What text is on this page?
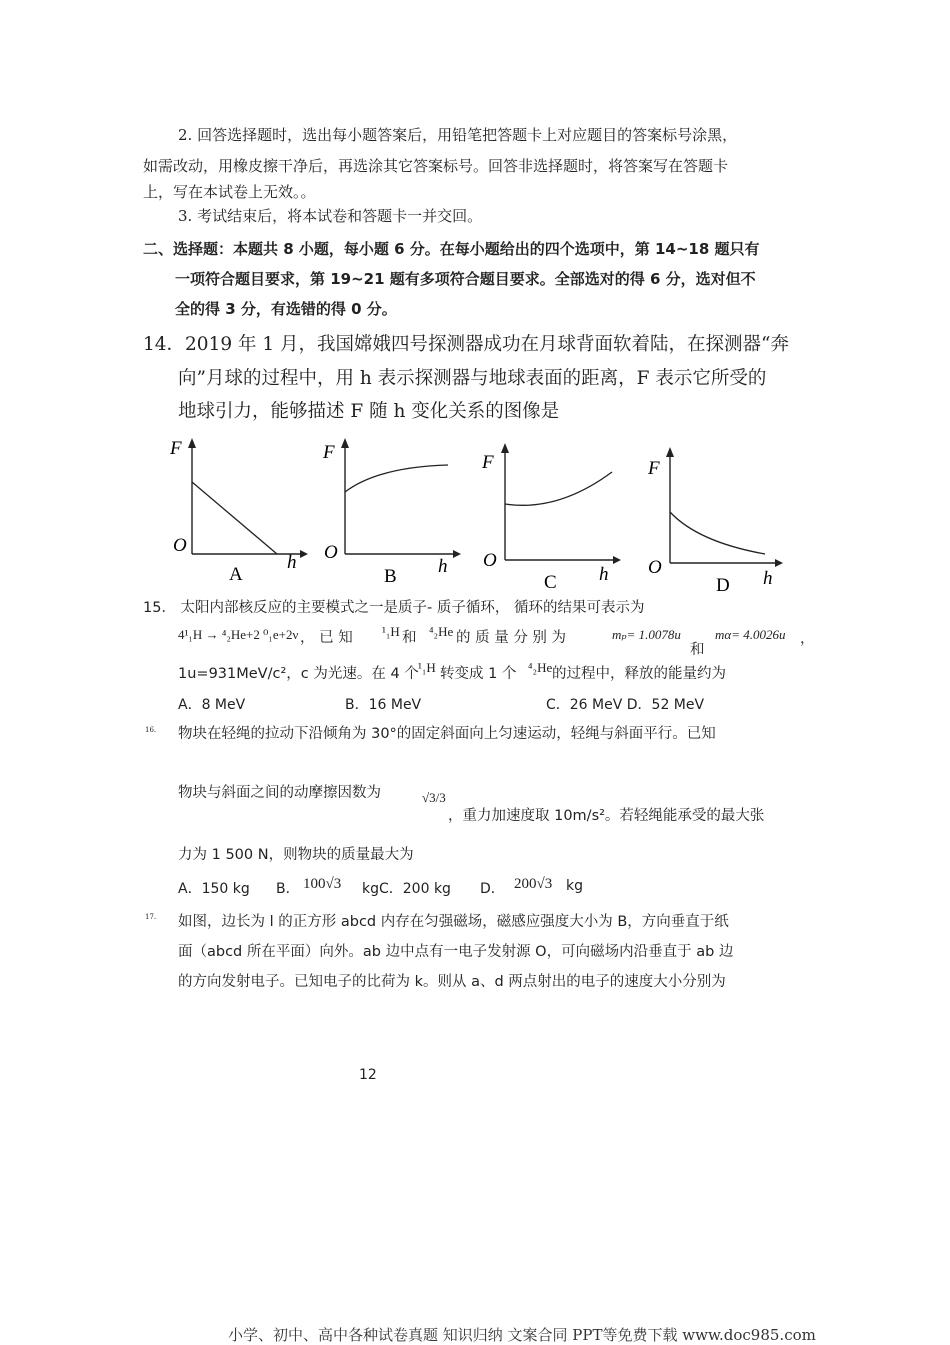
2. 回答选择题时，选出每小题答案后，用铅笔把答题卡上对应题目的答案标号涂黑，
如需改动，用橡皮擦干净后，再选涂其它答案标号。回答非选择题时，将答案写在答题卡
上，写在本试卷上无效。。
3. 考试结束后，将本试卷和答题卡一并交回。
二、选择题：本题共 8 小题，每小题 6 分。在每小题给出的四个选项中，第 14~18 题只有
一项符合题目要求，第 19~21 题有多项符合题目要求。全部选对的得 6 分，选对但不
全的得 3 分，有选错的得 0 分。
14．2019 年 1 月，我国嫦娥四号探测器成功在月球背面软着陆，在探测器“奔
向”月球的过程中，用 h 表示探测器与地球表面的距离，F 表示它所受的
地球引力，能够描述 F 随 h 变化关系的图像是
F
O
h
A
F
O
h
B
F
O
h
C
F
O
h
D
15． 太阳内部核反应的主要模式之一是质子- 质子循环， 循环的结果可表示为
4¹₁H → ⁴₂He+2 ⁰₁e+2ν ， 已 知 ¹₁H 和 ⁴₂He 的 质 量 分 别 为	mₚ= 1.0078u
和
mα= 4.0026u ，
1u=931MeV/c²，c 为光速。在 4 个 ¹₁H 转变成 1 个 ⁴₂He 的过程中，释放的能量约为
A．8 MeV	B．16 MeV	C．26 MeV D．52 MeV
16. 物块在轻绳的拉动下沿倾角为 30°的固定斜面向上匀速运动，轻绳与斜面平行。已知
物块与斜面之间的动摩擦因数为	√3/3
，重力加速度取 10m/s²。若轻绳能承受的最大张
力为 1 500 N，则物块的质量最大为
A．150 kg B． 100√3 kgC．200 kg D． 200√3 kg
17. 如图，边长为 l 的正方形 abcd 内存在匀强磁场，磁感应强度大小为 B，方向垂直于纸
面（abcd 所在平面）向外。ab 边中点有一电子发射源 O，可向磁场内沿垂直于 ab 边
的方向发射电子。已知电子的比荷为 k。则从 a、d 两点射出的电子的速度大小分别为
12
小学、初中、高中各种试卷真题 知识归纳 文案合同 PPT等免费下载 www.doc985.com
